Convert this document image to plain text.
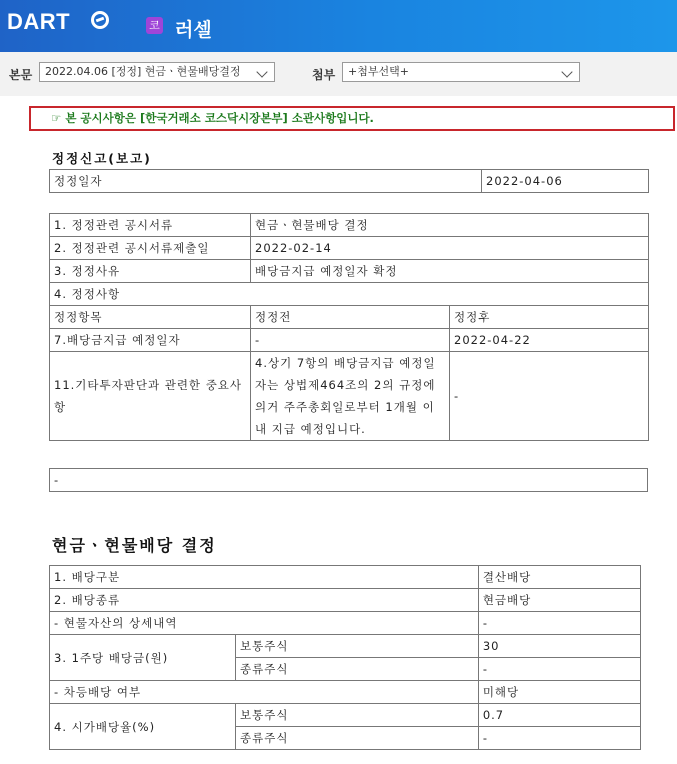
DART	코 러셀
본문	2022.04.06 [정정] 현금ㆍ현물배당결정	첨부	+첨부선택+
☞ 본 공시사항은 [한국거래소 코스닥시장본부] 소관사항입니다.
정정신고(보고)
정정일자	2022-04-06
1. 정정관련 공시서류	현금ㆍ현물배당 결정	
2. 정정관련 공시서류제출일	2022-02-14	
3. 정정사유	배당금지급 예정일자 확정	
4. 정정사항		
정정항목	정정전	정정후
7.배당금지급 예정일자	-	2022-04-22
11.기타투자판단과 관련한 중요사항	4.상기 7항의 배당금지급 예정일자는 상법제464조의 2의 규정에 의거 주주총회일로부터 1개월 이내 지급 예정입니다.	-
-
현금ㆍ현물배당 결정
1. 배당구분		결산배당
2. 배당종류		현금배당
- 현물자산의 상세내역		-
3. 1주당 배당금(원)	보통주식	30
	종류주식	-
- 차등배당 여부		미해당
4. 시가배당율(%)	보통주식	0.7
	종류주식	-
